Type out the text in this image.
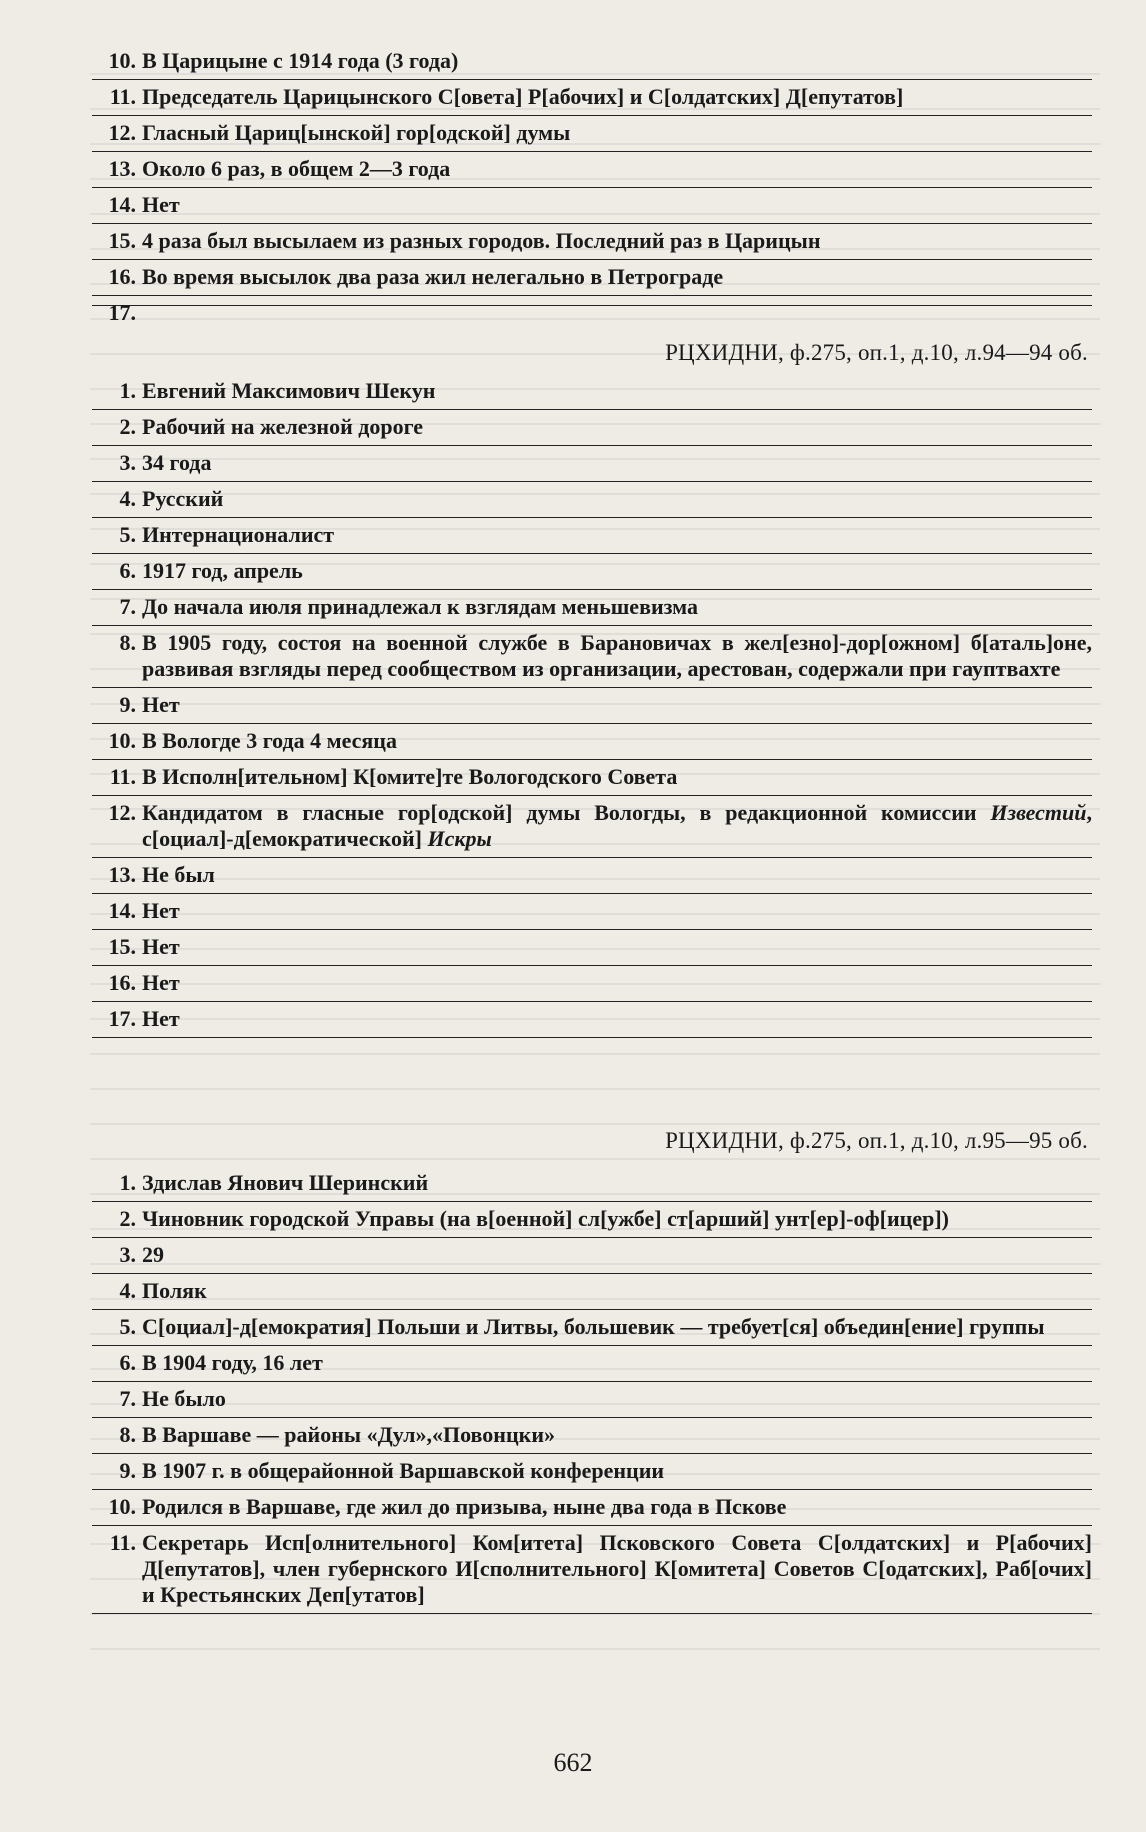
10. В Царицыне с 1914 года (3 года)
11. Председатель Царицынского С[овета] Р[абочих] и С[олдатских] Д[епутатов]
12. Гласный Цариц[ынской] гор[одской] думы
13. Около 6 раз, в общем 2—3 года
14. Нет
15. 4 раза был высылаем из разных городов. Последний раз в Царицын
16. Во время высылок два раза жил нелегально в Петрограде
17.
РЦХИДНИ, ф.275, оп.1, д.10, л.94—94 об.
1. Евгений Максимович Шекун
2. Рабочий на железной дороге
3. 34 года
4. Русский
5. Интернационалист
6. 1917 год, апрель
7. До начала июля принадлежал к взглядам меньшевизма
8. В 1905 году, состоя на военной службе в Барановичах в жел[езно]-дор[ожном] б[аталь]оне, развивая взгляды перед сообществом из организации, арестован, содержали при гауптвахте
9. Нет
10. В Вологде 3 года 4 месяца
11. В Исполн[ительном] К[омите]те Вологодского Совета
12. Кандидатом в гласные гор[одской] думы Вологды, в редакционной комиссии Известий, с[оциал]-д[емократической] Искры
13. Не был
14. Нет
15. Нет
16. Нет
17. Нет
РЦХИДНИ, ф.275, оп.1, д.10, л.95—95 об.
1. Здислав Янович Шеринский
2. Чиновник городской Управы (на в[оенной] сл[ужбе] ст[арший] унт[ер]-оф[ицер])
3. 29
4. Поляк
5. С[оциал]-д[емократия] Польши и Литвы, большевик — требует[ся] объедин[ение] группы
6. В 1904 году, 16 лет
7. Не было
8. В Варшаве — районы «Дул»,«Повонцки»
9. В 1907 г. в общерайонной Варшавской конференции
10. Родился в Варшаве, где жил до призыва, ныне два года в Пскове
11. Секретарь Исп[олнительного] Ком[итета] Псковского Совета С[олдатских] и Р[абочих] Д[епутатов], член губернского И[сполнительного] К[омитета] Советов С[одатских], Раб[очих] и Крестьянских Деп[утатов]
662
